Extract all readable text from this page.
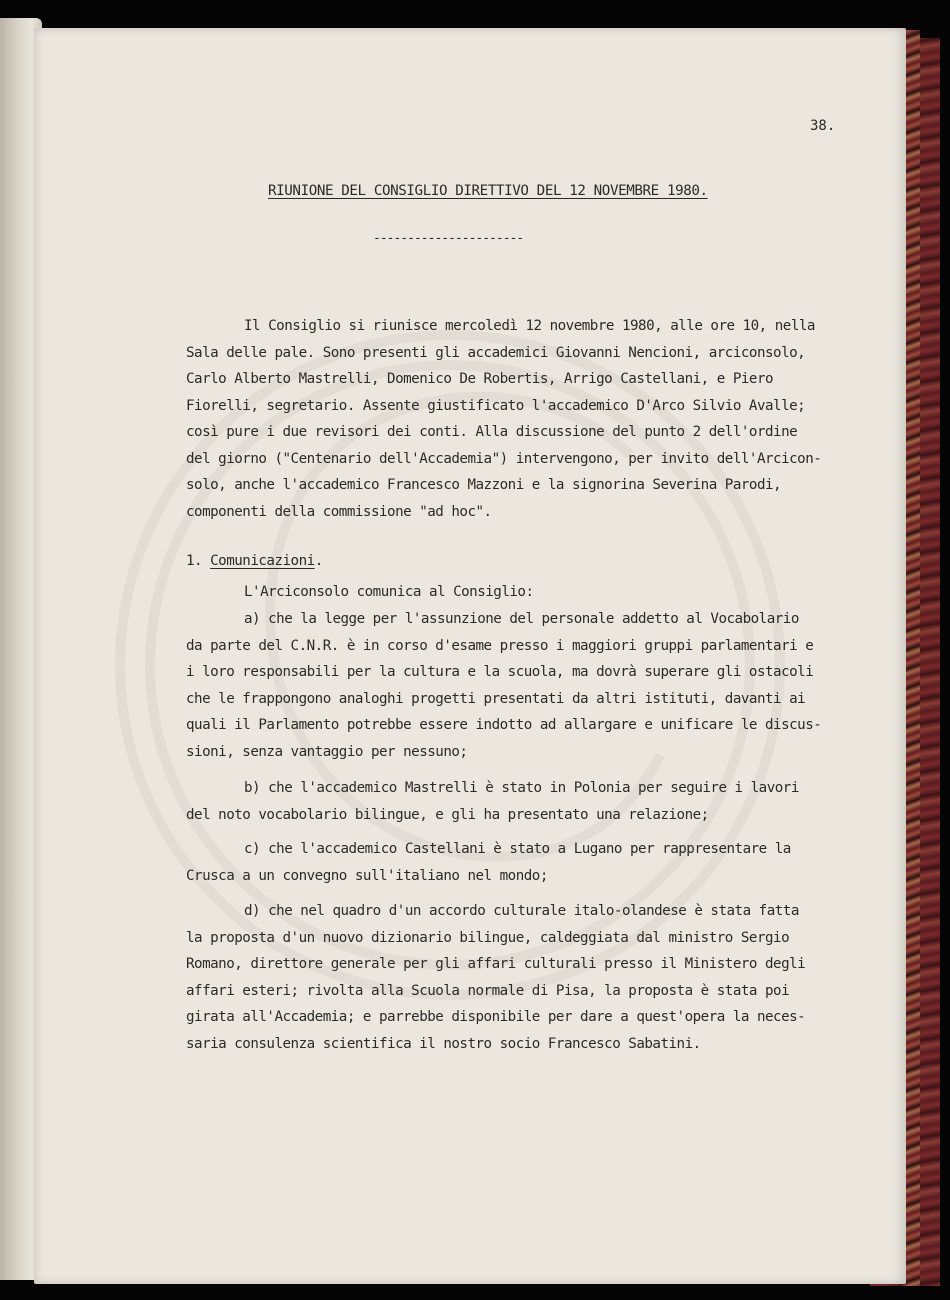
38.
RIUNIONE DEL CONSIGLIO DIRETTIVO DEL 12 NOVEMBRE 1980.
----------------------
Il Consiglio si riunisce mercoledì 12 novembre 1980, alle ore 10, nella
Sala delle pale. Sono presenti gli accademici Giovanni Nencioni, arciconsolo,
Carlo Alberto Mastrelli, Domenico De Robertis, Arrigo Castellani, e Piero
Fiorelli, segretario. Assente giustificato l'accademico D'Arco Silvio Avalle;
così pure i due revisori dei conti. Alla discussione del punto 2 dell'ordine
del giorno ("Centenario dell'Accademia") intervengono, per invito dell'Arcicon-
solo, anche l'accademico Francesco Mazzoni e la signorina Severina Parodi,
componenti della commissione "ad hoc".
1. Comunicazioni.
L'Arciconsolo comunica al Consiglio:
a) che la legge per l'assunzione del personale addetto al Vocabolario
da parte del C.N.R. è in corso d'esame presso i maggiori gruppi parlamentari e
i loro responsabili per la cultura e la scuola, ma dovrà superare gli ostacoli
che le frappongono analoghi progetti presentati da altri istituti, davanti ai
quali il Parlamento potrebbe essere indotto ad allargare e unificare le discus-
sioni, senza vantaggio per nessuno;
b) che l'accademico Mastrelli è stato in Polonia per seguire i lavori
del noto vocabolario bilingue, e gli ha presentato una relazione;
c) che l'accademico Castellani è stato a Lugano per rappresentare la
Crusca a un convegno sull'italiano nel mondo;
d) che nel quadro d'un accordo culturale italo-olandese è stata fatta
la proposta d'un nuovo dizionario bilingue, caldeggiata dal ministro Sergio
Romano, direttore generale per gli affari culturali presso il Ministero degli
affari esteri; rivolta alla Scuola normale di Pisa, la proposta è stata poi
girata all'Accademia; e parrebbe disponibile per dare a quest'opera la neces-
saria consulenza scientifica il nostro socio Francesco Sabatini.
